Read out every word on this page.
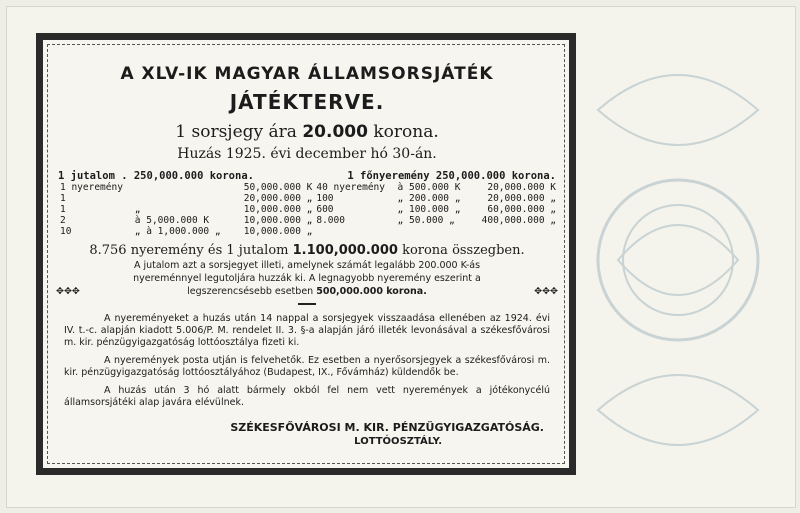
A XLV-IK MAGYAR ÁLLAMSORSJÁTÉK
JÁTÉKTERVE.
1 sorsjegy ára 20.000 korona.
Huzás 1925. évi december hó 30-án.
1 jutalom . 250,000.000 korona.	1 főnyeremény 250,000.000 korona.
1 nyeremény		50,000.000 K	40 nyeremény	à 500.000 K	20,000.000 K
1		20,000.000 „	100	„ 200.000 „	20,000.000 „
1	„	10,000.000 „	600	„ 100.000 „	60,000.000 „
2	à 5,000.000 K	10,000.000 „	8.000	„ 50.000 „	400,000.000 „
10	„ à 1,000.000 „	10,000.000 „			
8.756 nyeremény és 1 jutalom 1.100,000.000 korona összegben.
A jutalom azt a sorsjegyet illeti, amelynek számát legalább 200.000 K-ás
nyereménnyel legutoljára huzzák ki. A legnagyobb nyeremény eszerint a
✥✥✥	legszerencsésebb esetben 500,000.000 korona.	✥✥✥
A nyereményeket a huzás után 14 nappal a sorsjegyek visszaadása ellenében az 1924. évi IV. t.-c. alapján kiadott 5.006/P. M. rendelet II. 3. §-a alapján járó illeték levonásával a székesfővárosi m. kir. pénzügyigazgatóság lottóosztálya fizeti ki.
A nyeremények posta utján is felvehetők. Ez esetben a nyerősorsjegyek a székesfővárosi m. kir. pénzügyigazgatóság lottóosztályához (Budapest, IX., Fővámház) küldendők be.
A huzás után 3 hó alatt bármely okból fel nem vett nyeremények a jótékonycélú államsorsjátéki alap javára elévülnek.
SZÉKESFŐVÁROSI M. KIR. PÉNZÜGYIGAZGATÓSÁG.
LOTTÓOSZTÁLY.
